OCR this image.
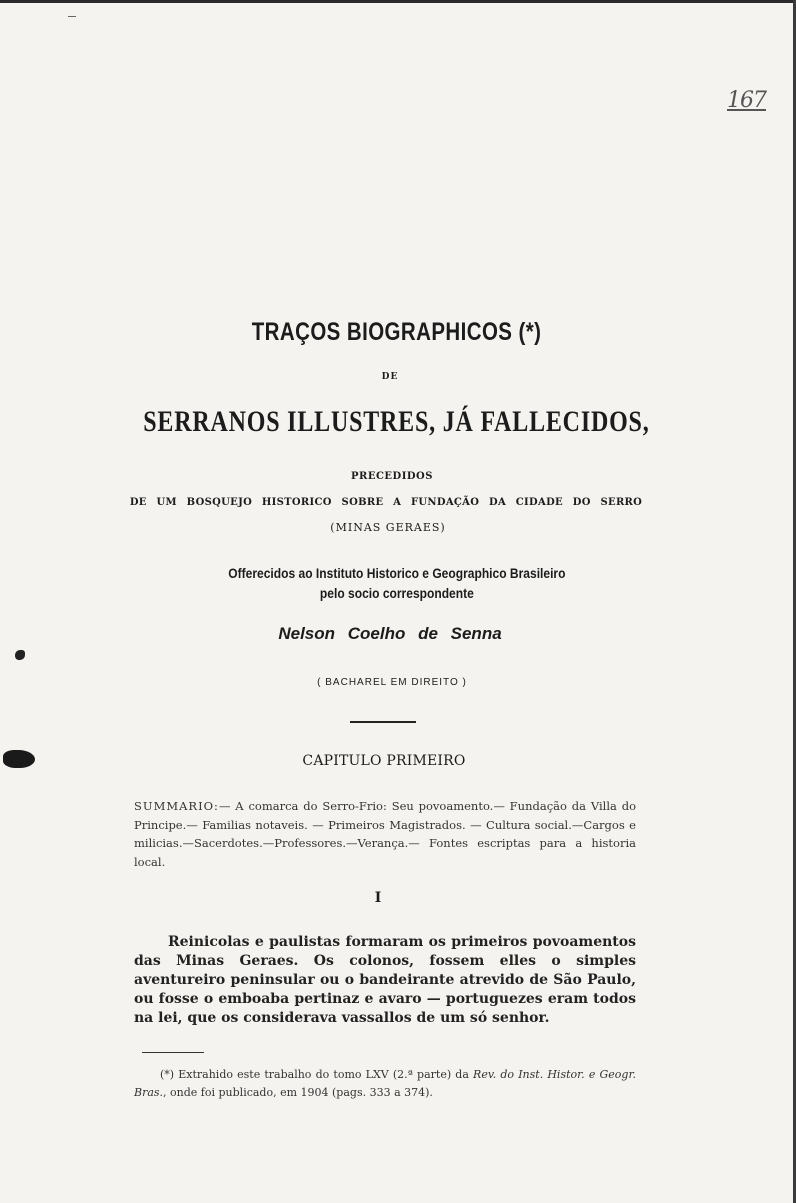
167
TRAÇOS BIOGRAPHICOS (*)
DE
SERRANOS ILLUSTRES, JÁ FALLECIDOS,
PRECEDIDOS
DE UM BOSQUEJO HISTORICO SOBRE A FUNDAÇÃO DA CIDADE DO SERRO
(MINAS GERAES)
Offerecidos ao Instituto Historico e Geographico Brasileiro
pelo socio correspondente
Nelson Coelho de Senna
( BACHAREL EM DIREITO )
CAPITULO PRIMEIRO
SUMMARIO:— A comarca do Serro-Frio: Seu povoamento.— Fundação da Villa do Principe.— Familias notaveis. — Primeiros Magistrados. — Cultura social.—Cargos e milicias.—Sacerdotes.—Professores.—Verança.— Fontes escriptas para a historia local.
I
Reinicolas e paulistas formaram os primeiros povoamentos das Minas Geraes. Os colonos, fossem elles o simples aventureiro peninsular ou o bandeirante atrevido de São Paulo, ou fosse o emboaba pertinaz e avaro — portuguezes eram todos na lei, que os considerava vassallos de um só senhor.
(*) Extrahido este trabalho do tomo LXV (2.ª parte) da Rev. do Inst. Histor. e Geogr. Bras., onde foi publicado, em 1904 (pags. 333 a 374).
